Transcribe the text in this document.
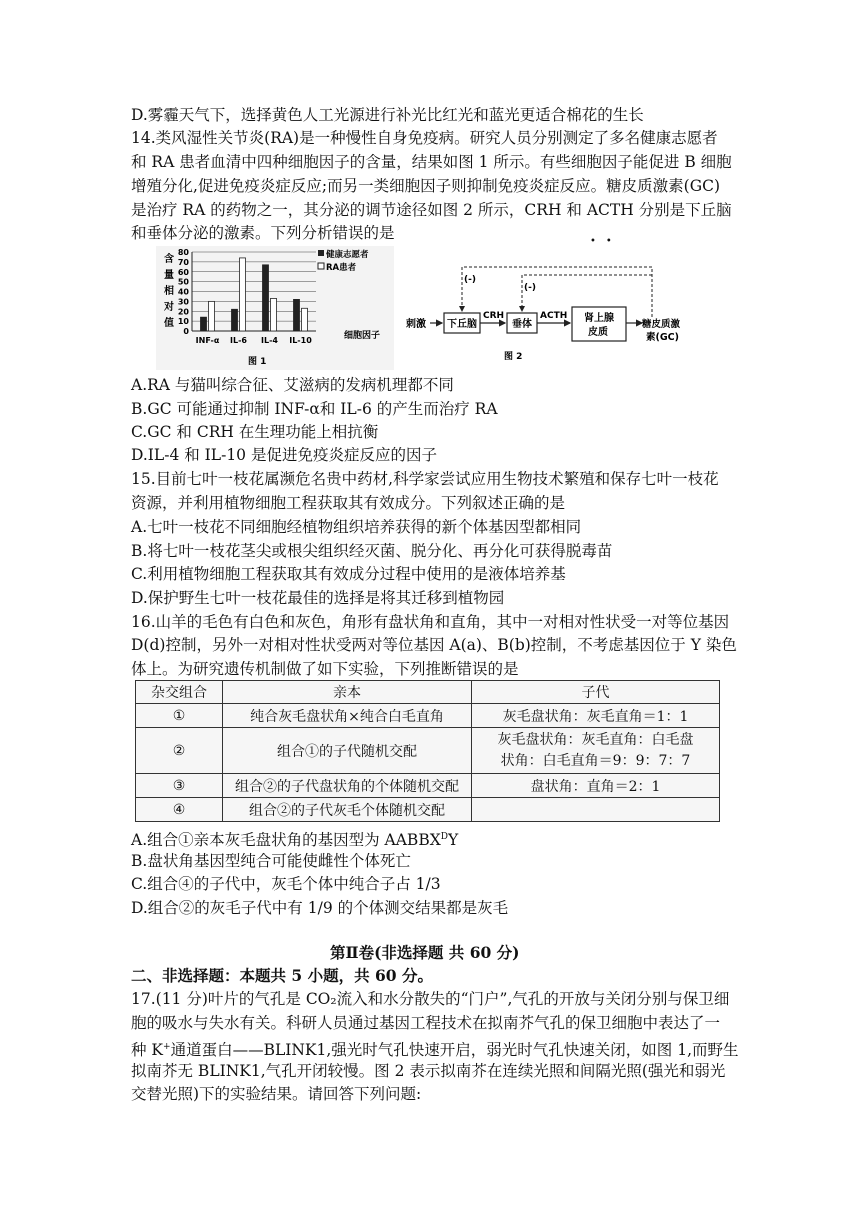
D.雾霾天气下，选择黄色人工光源进行补光比红光和蓝光更适合棉花的生长
14.类风湿性关节炎(RA)是一种慢性自身免疫病。研究人员分别测定了多名健康志愿者
和 RA 患者血清中四种细胞因子的含量，结果如图 1 所示。有些细胞因子能促进 B 细胞
增殖分化,促进免疫炎症反应;而另一类细胞因子则抑制免疫炎症反应。糖皮质激素(GC)
是治疗 RA 的药物之一，其分泌的调节途径如图 2 所示，CRH 和 ACTH 分别是下丘脑
和垂体分泌的激素。下列分析错误的是	••
含
量
相
对
值
0
10
20
30
40
50
60
70
80
INF-α IL-6 IL-4 IL-10
健康志愿者
RA患者
细胞因子
图 1
刺激 下丘脑
CRH
垂体
ACTH 肾上腺
皮质
糖皮质激
素(GC)
(-)
(-)
图 2
A.RA 与猫叫综合征、艾滋病的发病机理都不同
B.GC 可能通过抑制 INF-α和 IL-6 的产生而治疗 RA
C.GC 和 CRH 在生理功能上相抗衡
D.IL-4 和 IL-10 是促进免疫炎症反应的因子
15.目前七叶一枝花属濒危名贵中药材,科学家尝试应用生物技术繁殖和保存七叶一枝花
资源，并利用植物细胞工程获取其有效成分。下列叙述正确的是
A.七叶一枝花不同细胞经植物组织培养获得的新个体基因型都相同
B.将七叶一枝花茎尖或根尖组织经灭菌、脱分化、再分化可获得脱毒苗
C.利用植物细胞工程获取其有效成分过程中使用的是液体培养基
D.保护野生七叶一枝花最佳的选择是将其迁移到植物园
16.山羊的毛色有白色和灰色，角形有盘状角和直角，其中一对相对性状受一对等位基因
D(d)控制，另外一对相对性状受两对等位基因 A(a)、B(b)控制，不考虑基因位于 Y 染色
体上。为研究遗传机制做了如下实验，下列推断错误的是
杂交组合	亲本	子代
①	纯合灰毛盘状角×纯合白毛直角	灰毛盘状角：灰毛直角＝1：1
②	组合①的子代随机交配	灰毛盘状角：灰毛直角：白毛盘
状角：白毛直角＝9：9：7：7

③	组合②的子代盘状角的个体随机交配	盘状角：直角＝2：1
④	组合②的子代灰毛个体随机交配	
A.组合①亲本灰毛盘状角的基因型为 $AABBX^DY$
B.盘状角基因型纯合可能使雌性个体死亡
C.组合④的子代中，灰毛个体中纯合子占 1/3
D.组合②的灰毛子代中有 1/9 的个体测交结果都是灰毛
第Ⅱ卷(非选择题 共 60 分)
二、非选择题：本题共 5 小题，共 60 分。
17.(11 分)叶片的气孔是 CO₂流入和水分散失的“门户”,气孔的开放与关闭分别与保卫细
胞的吸水与失水有关。科研人员通过基因工程技术在拟南芥气孔的保卫细胞中表达了一
种 K+通道蛋白——BLINK1,强光时气孔快速开启，弱光时气孔快速关闭，如图 1,而野生
拟南芥无 BLINK1,气孔开闭较慢。图 2 表示拟南芥在连续光照和间隔光照(强光和弱光
交替光照)下的实验结果。请回答下列问题:
